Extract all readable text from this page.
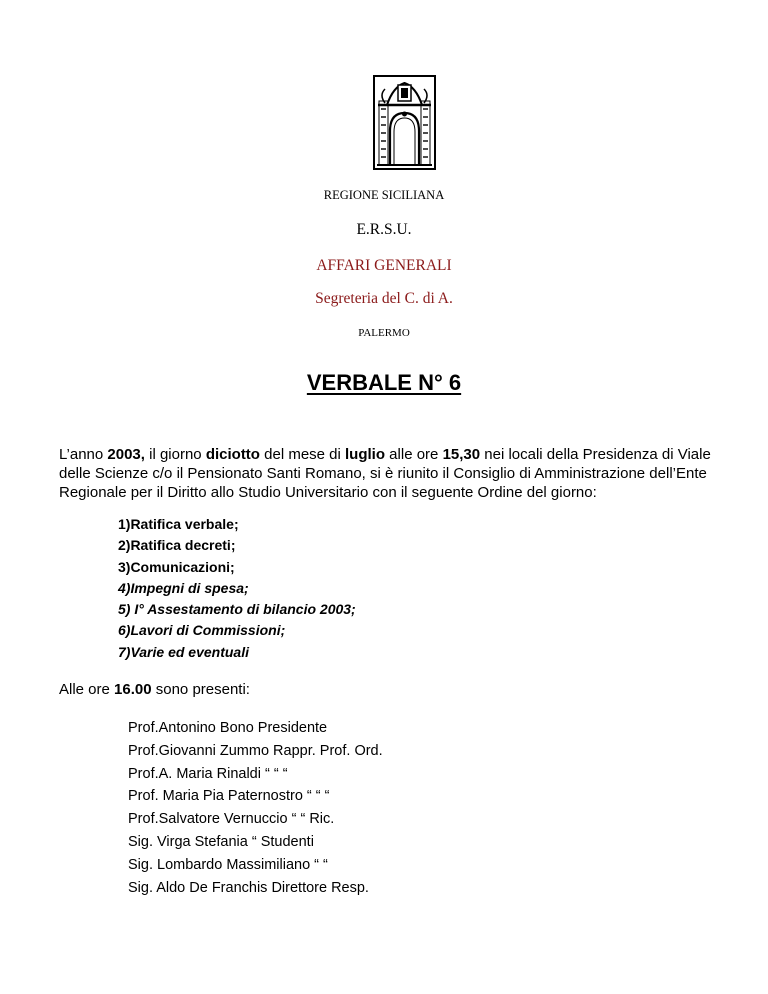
REGIONE SICILIANA
E.R.S.U.
AFFARI GENERALI
Segreteria del C. di A.
PALERMO
VERBALE N° 6

L’anno 2003, il giorno diciotto del mese di luglio alle ore 15,30 nei locali della Presidenza di Viale delle Scienze c/o il Pensionato Santi Romano, si è riunito il Consiglio di Amministrazione dell’Ente Regionale per il Diritto allo Studio Universitario con il seguente Ordine del giorno:

1)Ratifica verbale;
2)Ratifica decreti;
3)Comunicazioni;
4)Impegni di spesa;
5) I° Assestamento di bilancio 2003;
6)Lavori di Commissioni;
7)Varie ed eventuali
Alle ore 16.00 sono presenti:
Prof.Antonino Bono Presidente
Prof.Giovanni Zummo Rappr. Prof. Ord.
Prof.A. Maria Rinaldi “ “ “
Prof. Maria Pia Paternostro “ “ “
Prof.Salvatore Vernuccio “ “ Ric.
Sig. Virga Stefania “ Studenti
Sig. Lombardo Massimiliano “ “
Sig. Aldo De Franchis Direttore Resp.
